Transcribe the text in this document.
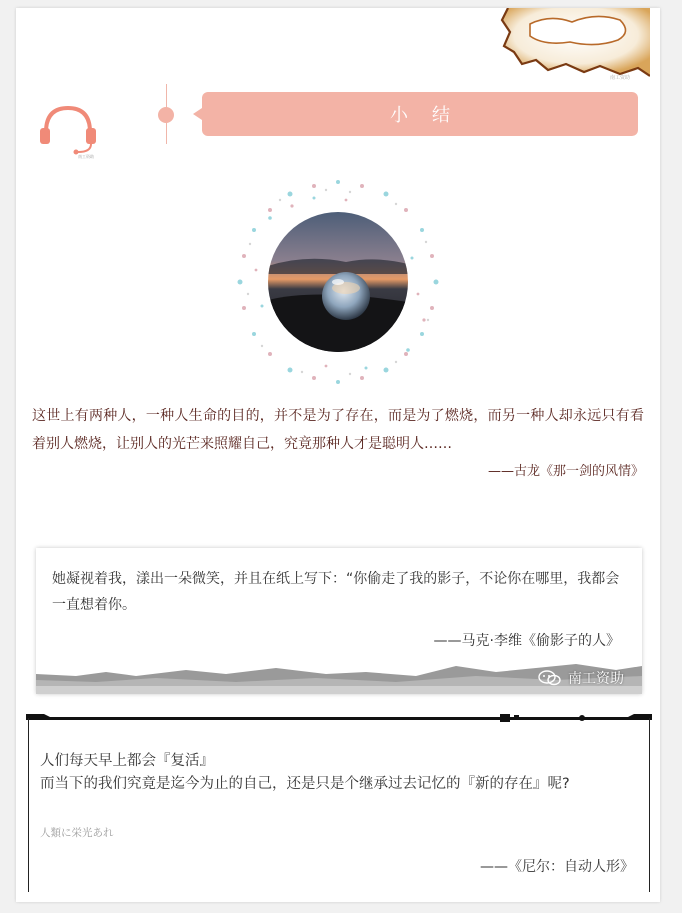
南工资助
南工资助
小结

这世上有两种人，一种人生命的目的，并不是为了存在，而是为了燃烧，而另一种人却永远只有看着别人燃烧，让别人的光芒来照耀自己，究竟那种人才是聪明人……

——古龙《那一剑的风情》

她凝视着我，漾出一朵微笑，并且在纸上写下：“你偷走了我的影子，不论你在哪里，我都会一直想着你。

——马克·李维《偷影子的人》

南工资助

人们每天早上都会『复活』

而当下的我们究竟是迄今为止的自己，还是只是个继承过去记忆的『新的存在』呢?

人類に栄光あれ

——《尼尔：自动人形》
